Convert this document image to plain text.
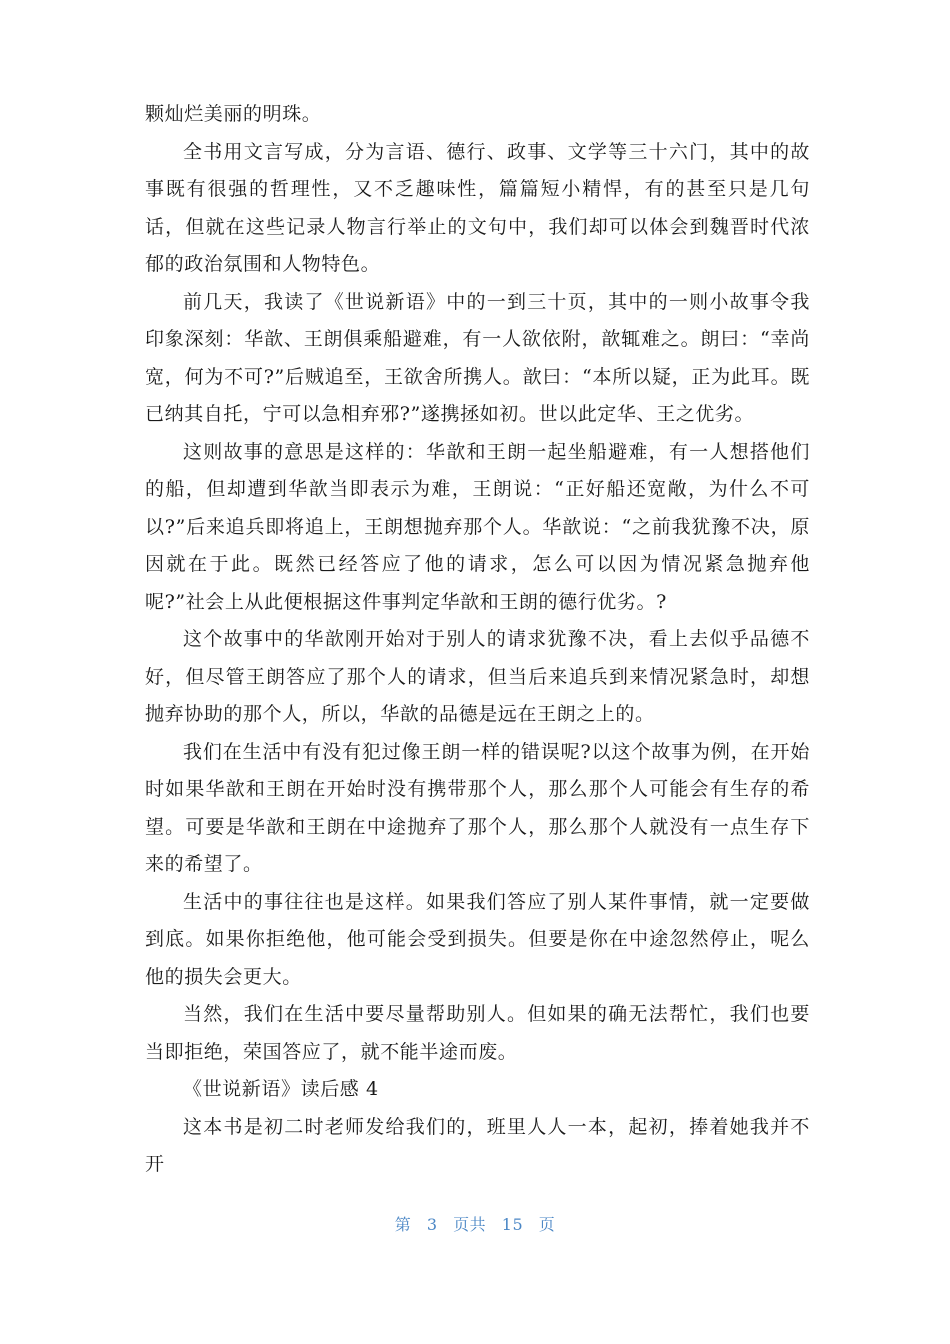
颗灿烂美丽的明珠。

全书用文言写成，分为言语、德行、政事、文学等三十六门，其中的故事既有很强的哲理性，又不乏趣味性，篇篇短小精悍，有的甚至只是几句话，但就在这些记录人物言行举止的文句中，我们却可以体会到魏晋时代浓郁的政治氛围和人物特色。

前几天，我读了《世说新语》中的一到三十页，其中的一则小故事令我印象深刻：华歆、王朗俱乘船避难，有一人欲依附，歆辄难之。朗曰：“幸尚宽，何为不可?”后贼追至，王欲舍所携人。歆曰：“本所以疑，正为此耳。既已纳其自托，宁可以急相弃邪?”遂携拯如初。世以此定华、王之优劣。

这则故事的意思是这样的：华歆和王朗一起坐船避难，有一人想搭他们的船，但却遭到华歆当即表示为难，王朗说：“正好船还宽敞，为什么不可以?”后来追兵即将追上，王朗想抛弃那个人。华歆说：“之前我犹豫不决，原因就在于此。既然已经答应了他的请求，怎么可以因为情况紧急抛弃他呢?”社会上从此便根据这件事判定华歆和王朗的德行优劣。?

这个故事中的华歆刚开始对于别人的请求犹豫不决，看上去似乎品德不好，但尽管王朗答应了那个人的请求，但当后来追兵到来情况紧急时，却想抛弃协助的那个人，所以，华歆的品德是远在王朗之上的。

我们在生活中有没有犯过像王朗一样的错误呢?以这个故事为例，在开始时如果华歆和王朗在开始时没有携带那个人，那么那个人可能会有生存的希望。可要是华歆和王朗在中途抛弃了那个人，那么那个人就没有一点生存下来的希望了。

生活中的事往往也是这样。如果我们答应了别人某件事情，就一定要做到底。如果你拒绝他，他可能会受到损失。但要是你在中途忽然停止，呢么他的损失会更大。

当然，我们在生活中要尽量帮助别人。但如果的确无法帮忙，我们也要当即拒绝，荣国答应了，就不能半途而废。

《世说新语》读后感 4

这本书是初二时老师发给我们的，班里人人一本，起初，捧着她我并不开

第 3 页共 15 页
